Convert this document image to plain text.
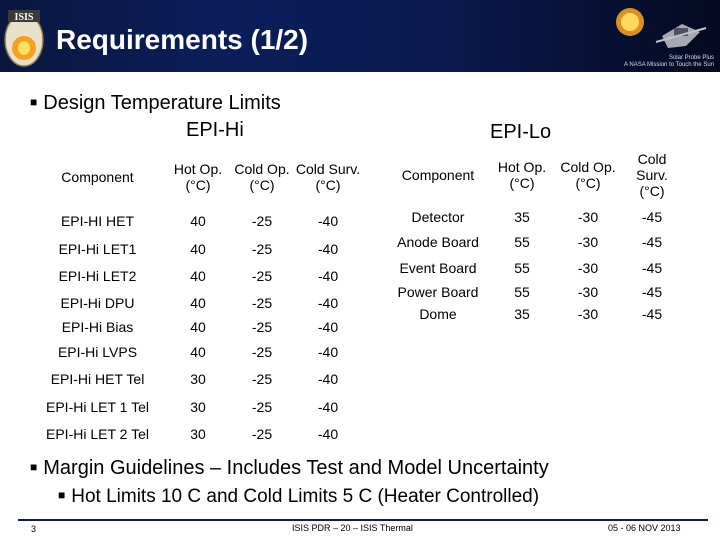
ISIS
Requirements (1/2)
Solar Probe Plus
A NASA Mission to Touch the Sun
■ Design Temperature Limits
EPI-Hi	EPI-Lo
Component	Hot Op. (°C)	Cold Op. (°C)	Cold Surv. (°C)
EPI-HI HET	40	-25	-40
EPI-Hi LET1	40	-25	-40
EPI-Hi LET2	40	-25	-40
EPI-Hi DPU	40	-25	-40
EPI-Hi Bias	40	-25	-40
EPI-Hi LVPS	40	-25	-40
EPI-Hi HET Tel	30	-25	-40
EPI-Hi LET 1 Tel	30	-25	-40
EPI-Hi LET 2 Tel	30	-25	-40
Component	Hot Op. (°C)	Cold Op. (°C)	Cold Surv. (°C)
Detector	35	-30	-45
Anode Board	55	-30	-45
Event Board	55	-30	-45
Power Board	55	-30	-45
Dome	35	-30	-45
■ Margin Guidelines – Includes Test and Model Uncertainty
■ Hot Limits 10 C and Cold Limits 5 C (Heater Controlled)
3	ISIS PDR – 20 – ISIS Thermal	05 - 06 NOV 2013
